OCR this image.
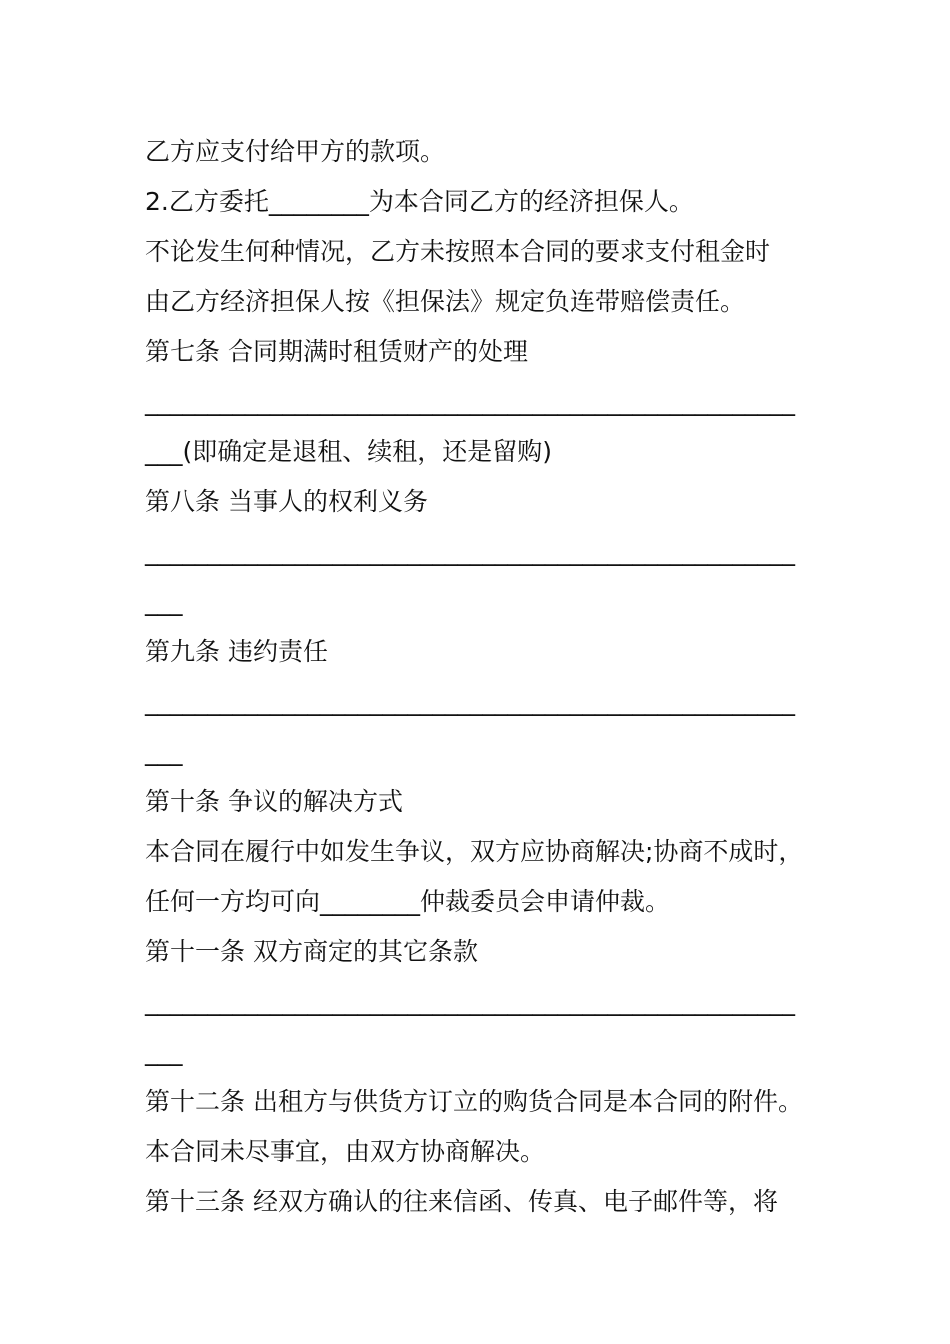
乙方应支付给甲方的款项。
2.乙方委托________为本合同乙方的经济担保人。
不论发生何种情况，乙方未按照本合同的要求支付租金时
由乙方经济担保人按《担保法》规定负连带赔偿责任。
第七条 合同期满时租赁财产的处理
____________________________________________________
___(即确定是退租、续租，还是留购)
第八条 当事人的权利义务
____________________________________________________
___
第九条 违约责任
____________________________________________________
___
第十条 争议的解决方式
本合同在履行中如发生争议，双方应协商解决;协商不成时，
任何一方均可向________仲裁委员会申请仲裁。
第十一条 双方商定的其它条款
____________________________________________________
___
第十二条 出租方与供货方订立的购货合同是本合同的附件。
本合同未尽事宜，由双方协商解决。
第十三条 经双方确认的往来信函、传真、电子邮件等，将
